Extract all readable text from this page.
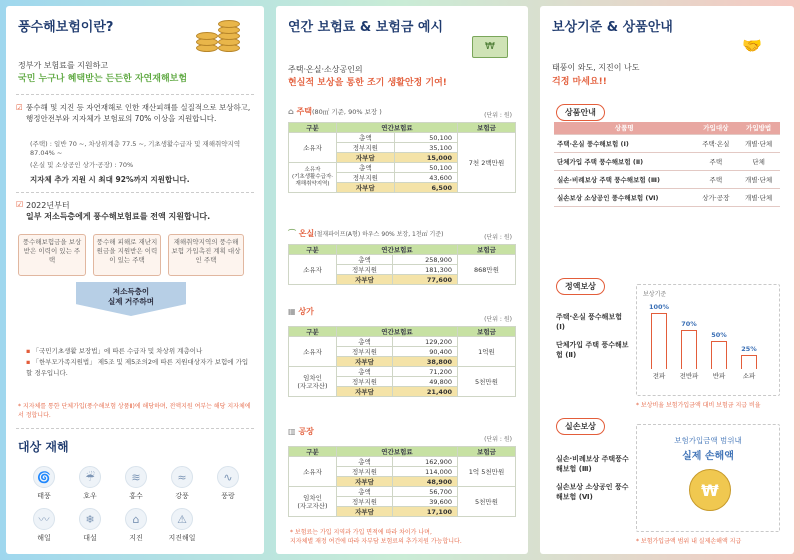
풍수해보험이란?
정부가 보험료를 지원하고
국민 누구나 혜택받는 든든한 자연재해보험
☑ 풍수해 및 지진 등 자연재해로 인한 재산피해를 실질적으로 보상하고, 행정안전부와 지자체가 보험료의 70% 이상을 지원합니다.
(주택) : 일반 70 ~, 차상위계층 77.5 ~, 기초생활수급자 및 재해취약지역 87.04% ~
(온실 및 소상공인 상가·공장) : 70%
지자체 추가 지원 시 최대 92%까지 지원합니다.
☑ 2022년부터
일부 저소득층에게 풍수해보험료를 전액 지원합니다.
풍수해보험금을 보상받은 이력이 있는 주택
풍수해 피해로 재난지원금을 지원받은 이력이 있는 주택
재해취약지역의 풍수해보험 가입촉진 계획 대상인 주택
저소득층이
실제 거주하며
▪ 「국민기초생활 보장법」에 따른 수급자 및 차상위 계층이나
▪ 「한부모가족지원법」 제5조 및 제5조의2에 따른 지원대상자가 보험에 가입할 경우입니다.
* 지자체를 통한 단체가입(풍수해보험 상품Ⅱ)에 해당하며, 전액지원 여부는 해당 지자체에서 정합니다.
대상 재해
🌀
태풍
☔
호우
≋
홍수
≈
강풍
∿
풍랑
〰
해일
❄
대설
⌂
지진
⚠
지진해일
연간 보험료 & 보험금 예시
₩
주택·온실·소상공인의
현실적 보상을 통한 조기 생활안정 기여!
⌂ 주택(80㎡ 기준, 90% 보장 )	(단위 : 원)
구분	연간보험료		보험금
소유자	총액	50,100	7천 2백만원
	정부지원	35,100	
	자부담	15,000	
소유자
(기초생활수급자·재해취약지역)	총액	50,100	
	정부지원	43,600	
	자부담	6,500	
⌒ 온실(철재파이프(A형) 하우스 90% 보장, 1천㎡ 기준)	(단위 : 원)
구분	연간보험료		보험금
소유자	총액	258,900	868만원
	정부지원	181,300	
	자부담	77,600	
▦ 상가
(단위 : 원)
구분	연간보험료		보험금
소유자	총액	129,200	1억원
	정부지원	90,400	
	자부담	38,800	
임차인
(자고자산)	총액	71,200	5천만원
	정부지원	49,800	
	자부담	21,400	
▥ 공장
(단위 : 원)
구분	연간보험료		보험금
소유자	총액	162,900	1억 5천만원
	정부지원	114,000	
	자부담	48,900	
임차인
(자고자산)	총액	56,700	5천만원
	정부지원	39,600	
	자부담	17,100	
* 보험료는 가입 지역과 가입 면적에 따라 차이가 나며,
지자체별 재정 여건에 따라 자부담 보험료의 추가지원 가능합니다.
보상기준 & 상품안내
🤝
태풍이 와도, 지진이 나도
걱정 마세요!!
상품안내
상품명	가입대상	가입방법
주택·온실 풍수해보험 (Ⅰ)	주택·온실	개별·단체
단체가입 주택 풍수해보험 (Ⅱ)	주택	단체
실손·비례보상 주택 풍수해보험 (Ⅲ)	주택	개별·단체
실손보상 소상공인 풍수해보험 (Ⅵ)	상가·공장	개별·단체
정액보상
주택·온실 풍수해보험 (Ⅰ)
단체가입 주택 풍수해보험 (Ⅱ)
보상기준
100%
전파
70%
전반파
50%
반파
25%
소파
* 보상비율 보험가입금액 대비 보험금 지급 비율
실손보상
실손·비례보상 주택풍수해보험 (Ⅲ)
실손보상 소상공인 풍수해보험 (Ⅵ)
보험가입금액 범위내
실제 손해액
₩
* 보험가입금액 범위 내 실제손해액 지급
